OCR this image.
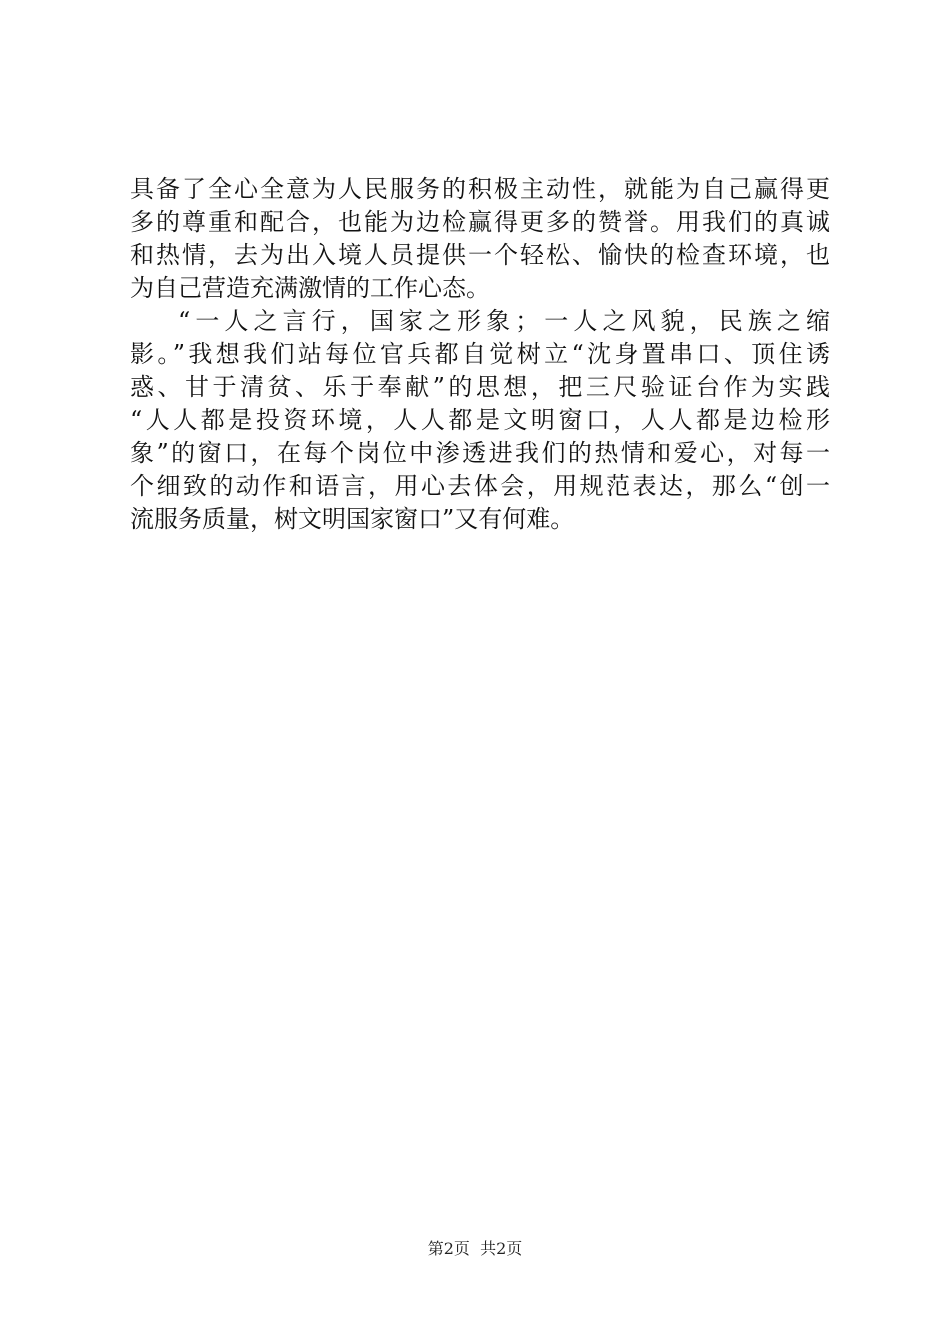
具备了全心全意为人民服务的积极主动性，就能为自己赢得更
多的尊重和配合，也能为边检赢得更多的赞誉。用我们的真诚
和热情，去为出入境人员提供一个轻松、愉快的检查环境，也
为自己营造充满激情的工作心态。
“一人之言行，国家之形象；一人之风貌，民族之缩
影。”我想我们站每位官兵都自觉树立“沈身置串口、顶住诱
惑、甘于清贫、乐于奉献”的思想，把三尺验证台作为实践
“人人都是投资环境，人人都是文明窗口，人人都是边检形
象”的窗口，在每个岗位中渗透进我们的热情和爱心，对每一
个细致的动作和语言，用心去体会，用规范表达，那么“创一
流服务质量，树文明国家窗口”又有何难。
第2页  共2页
